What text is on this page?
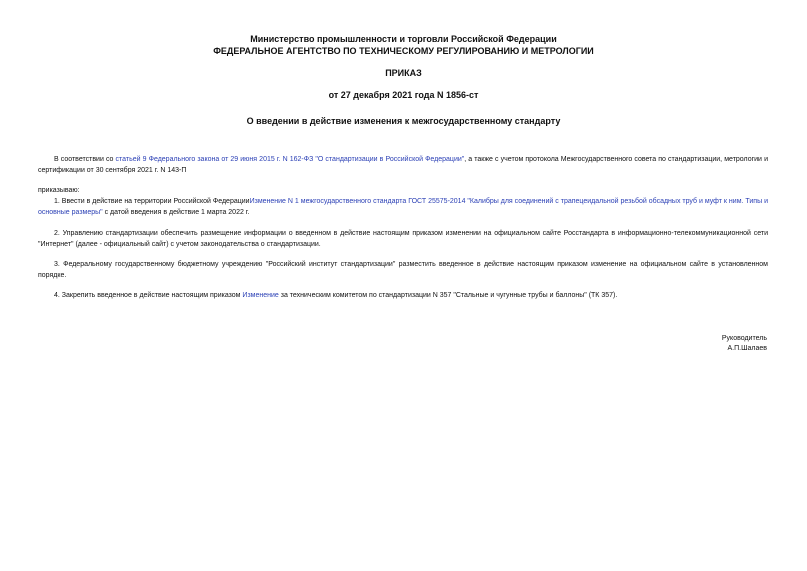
Министерство промышленности и торговли Российской Федерации
ФЕДЕРАЛЬНОЕ АГЕНТСТВО ПО ТЕХНИЧЕСКОМУ РЕГУЛИРОВАНИЮ И МЕТРОЛОГИИ
ПРИКАЗ
от 27 декабря 2021 года N 1856-ст
О введении в действие изменения к межгосударственному стандарту
В соответствии со статьей 9 Федерального закона от 29 июня 2015 г. N 162-ФЗ "О стандартизации в Российской Федерации", а также с учетом протокола Межгосударственного совета по стандартизации, метрологии и сертификации от 30 сентября 2021 г. N 143-П
приказываю:
1. Ввести в действие на территории Российской ФедерацииИзменение N 1 межгосударственного стандарта ГОСТ 25575-2014 "Калибры для соединений с трапецеидальной резьбой обсадных труб и муфт к ним. Типы и основные размеры" с датой введения в действие 1 марта 2022 г.
2. Управлению стандартизации обеспечить размещение информации о введенном в действие настоящим приказом изменении на официальном сайте Росстандарта в информационно-телекоммуникационной сети "Интернет" (далее - официальный сайт) с учетом законодательства о стандартизации.
3. Федеральному государственному бюджетному учреждению "Российский институт стандартизации" разместить введенное в действие настоящим приказом изменение на официальном сайте в установленном порядке.
4. Закрепить введенное в действие настоящим приказом Изменение за техническим комитетом по стандартизации N 357 "Стальные и чугунные трубы и баллоны" (ТК 357).
Руководитель
А.П.Шалаев
